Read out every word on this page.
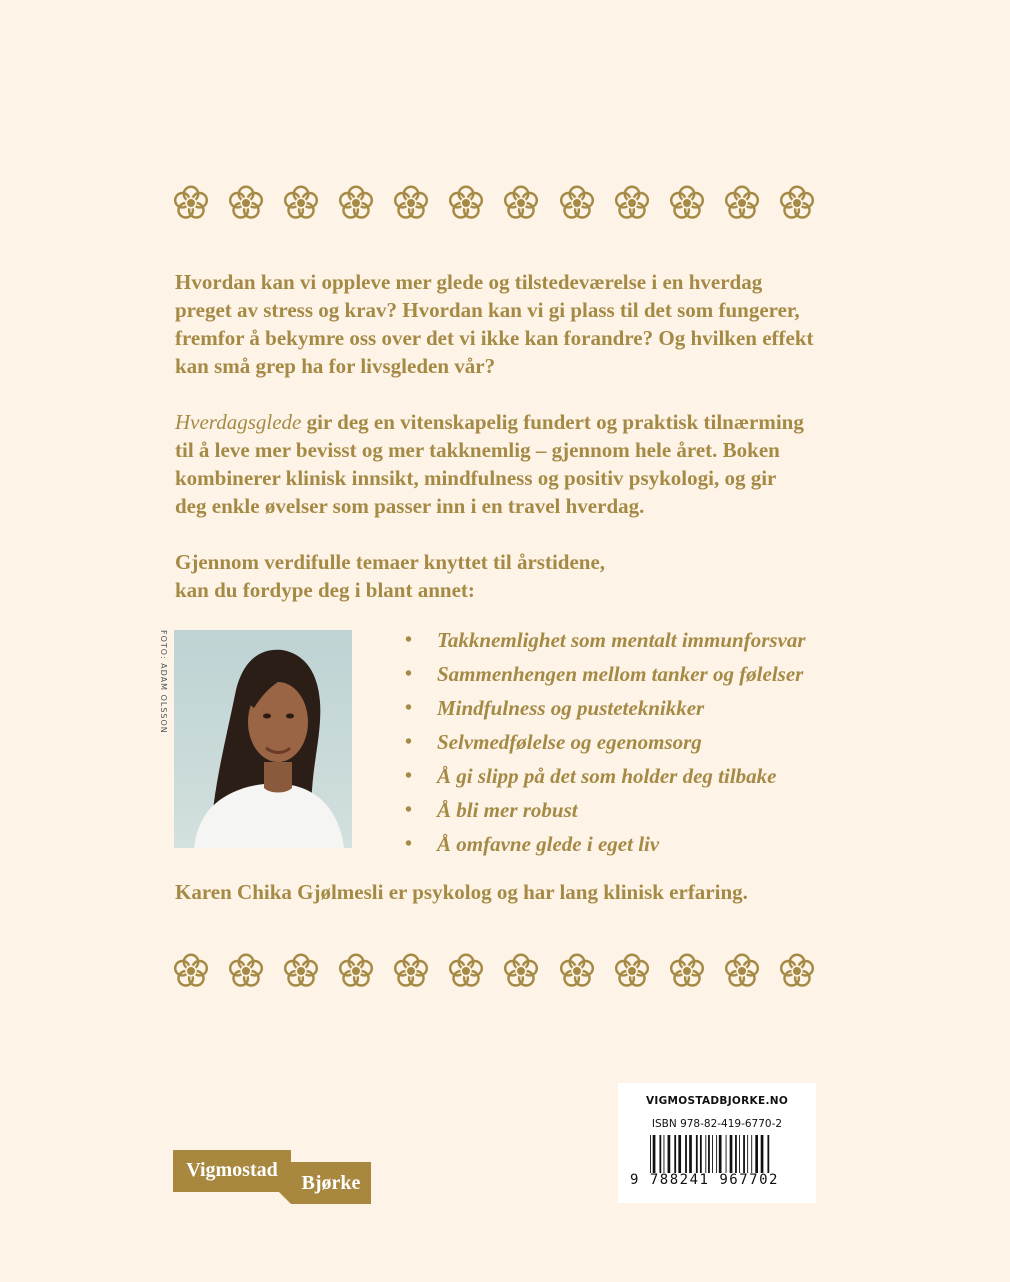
Hvordan kan vi oppleve mer glede og tilstedeværelse i en hverdag
preget av stress og krav? Hvordan kan vi gi plass til det som fungerer,
fremfor å bekymre oss over det vi ikke kan forandre? Og hvilken effekt
kan små grep ha for livsgleden vår?

Hverdagsglede gir deg en vitenskapelig fundert og praktisk tilnærming
til å leve mer bevisst og mer takknemlig – gjennom hele året. Boken
kombinerer klinisk innsikt, mindfulness og positiv psykologi, og gir
deg enkle øvelser som passer inn i en travel hverdag.

Gjennom verdifulle temaer knyttet til årstidene,
kan du fordype deg i blant annet:

FOTO: ADAM OLSSON	•	Takknemlighet som mentalt immunforsvar
•	Sammenhengen mellom tanker og følelser
•	Mindfulness og pusteteknikker
•	Selvmedfølelse og egenomsorg
•	Å gi slipp på det som holder deg tilbake
•	Å bli mer robust
•	Å omfavne glede i eget liv

Karen Chika Gjølmesli er psykolog og har lang klinisk erfaring.

Vigmostad
Bjørke
VIGMOSTADBJORKE.NO
ISBN 978-82-419-6770-2
9 788241 967702
